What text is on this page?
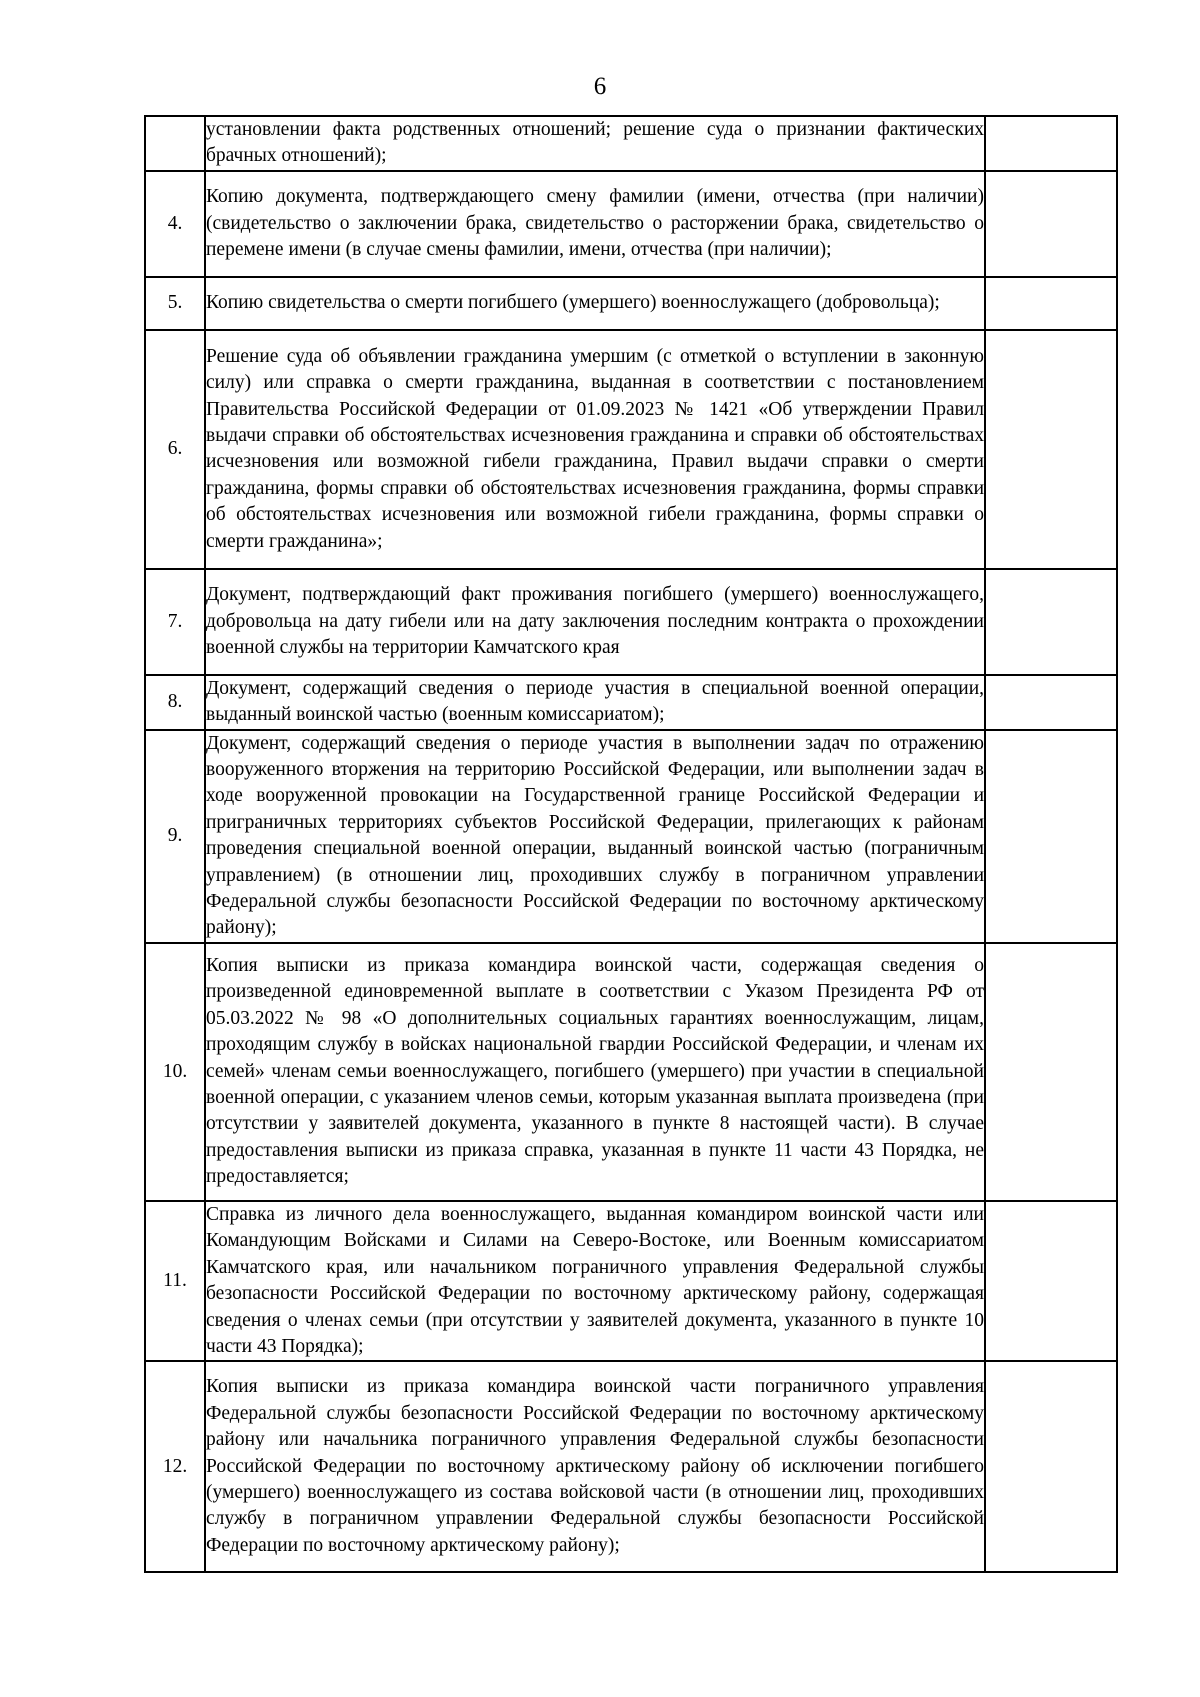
6
	установлении факта родственных отношений; решение суда о признании фактических брачных отношений);	
4.	Копию документа, подтверждающего смену фамилии (имени, отчества (при наличии) (свидетельство о заключении брака, свидетельство о расторжении брака, свидетельство о перемене имени (в случае смены фамилии, имени, отчества (при наличии);	
5.	Копию свидетельства о смерти погибшего (умершего) военнослужащего (добровольца);	
6.	Решение суда об объявлении гражданина умершим (с отметкой о вступлении в законную силу) или справка о смерти гражданина, выданная в соответствии с постановлением Правительства Российской Федерации от 01.09.2023 № 1421 «Об утверждении Правил выдачи справки об обстоятельствах исчезновения гражданина и справки об обстоятельствах исчезновения или возможной гибели гражданина, Правил выдачи справки о смерти гражданина, формы справки об обстоятельствах исчезновения гражданина, формы справки об обстоятельствах исчезновения или возможной гибели гражданина, формы справки о смерти гражданина»;	
7.	Документ, подтверждающий факт проживания погибшего (умершего) военнослужащего, добровольца на дату гибели или на дату заключения последним контракта о прохождении военной службы на территории Камчатского края	
8.	Документ, содержащий сведения о периоде участия в специальной военной операции, выданный воинской частью (военным комиссариатом);	
9.	Документ, содержащий сведения о периоде участия в выполнении задач по отражению вооруженного вторжения на территорию Российской Федерации, или выполнении задач в ходе вооруженной провокации на Государственной границе Российской Федерации и приграничных территориях субъектов Российской Федерации, прилегающих к районам проведения специальной военной операции, выданный воинской частью (пограничным управлением) (в отношении лиц, проходивших службу в пограничном управлении Федеральной службы безопасности Российской Федерации по восточному арктическому району);	
10.	Копия выписки из приказа командира воинской части, содержащая сведения о произведенной единовременной выплате в соответствии с Указом Президента РФ от 05.03.2022 № 98 «О дополнительных социальных гарантиях военнослужащим, лицам, проходящим службу в войсках национальной гвардии Российской Федерации, и членам их семей» членам семьи военнослужащего, погибшего (умершего) при участии в специальной военной операции, с указанием членов семьи, которым указанная выплата произведена (при отсутствии у заявителей документа, указанного в пункте 8 настоящей части). В случае предоставления выписки из приказа справка, указанная в пункте 11 части 43 Порядка, не предоставляется;	
11.	Справка из личного дела военнослужащего, выданная командиром воинской части или Командующим Войсками и Силами на Северо-Востоке, или Военным комиссариатом Камчатского края, или начальником пограничного управления Федеральной службы безопасности Российской Федерации по восточному арктическому району, содержащая сведения о членах семьи (при отсутствии у заявителей документа, указанного в пункте 10 части 43 Порядка);	
12.	Копия выписки из приказа командира воинской части пограничного управления Федеральной службы безопасности Российской Федерации по восточному арктическому району или начальника пограничного управления Федеральной службы безопасности Российской Федерации по восточному арктическому району об исключении погибшего (умершего) военнослужащего из состава войсковой части (в отношении лиц, проходивших службу в пограничном управлении Федеральной службы безопасности Российской Федерации по восточному арктическому району);	
